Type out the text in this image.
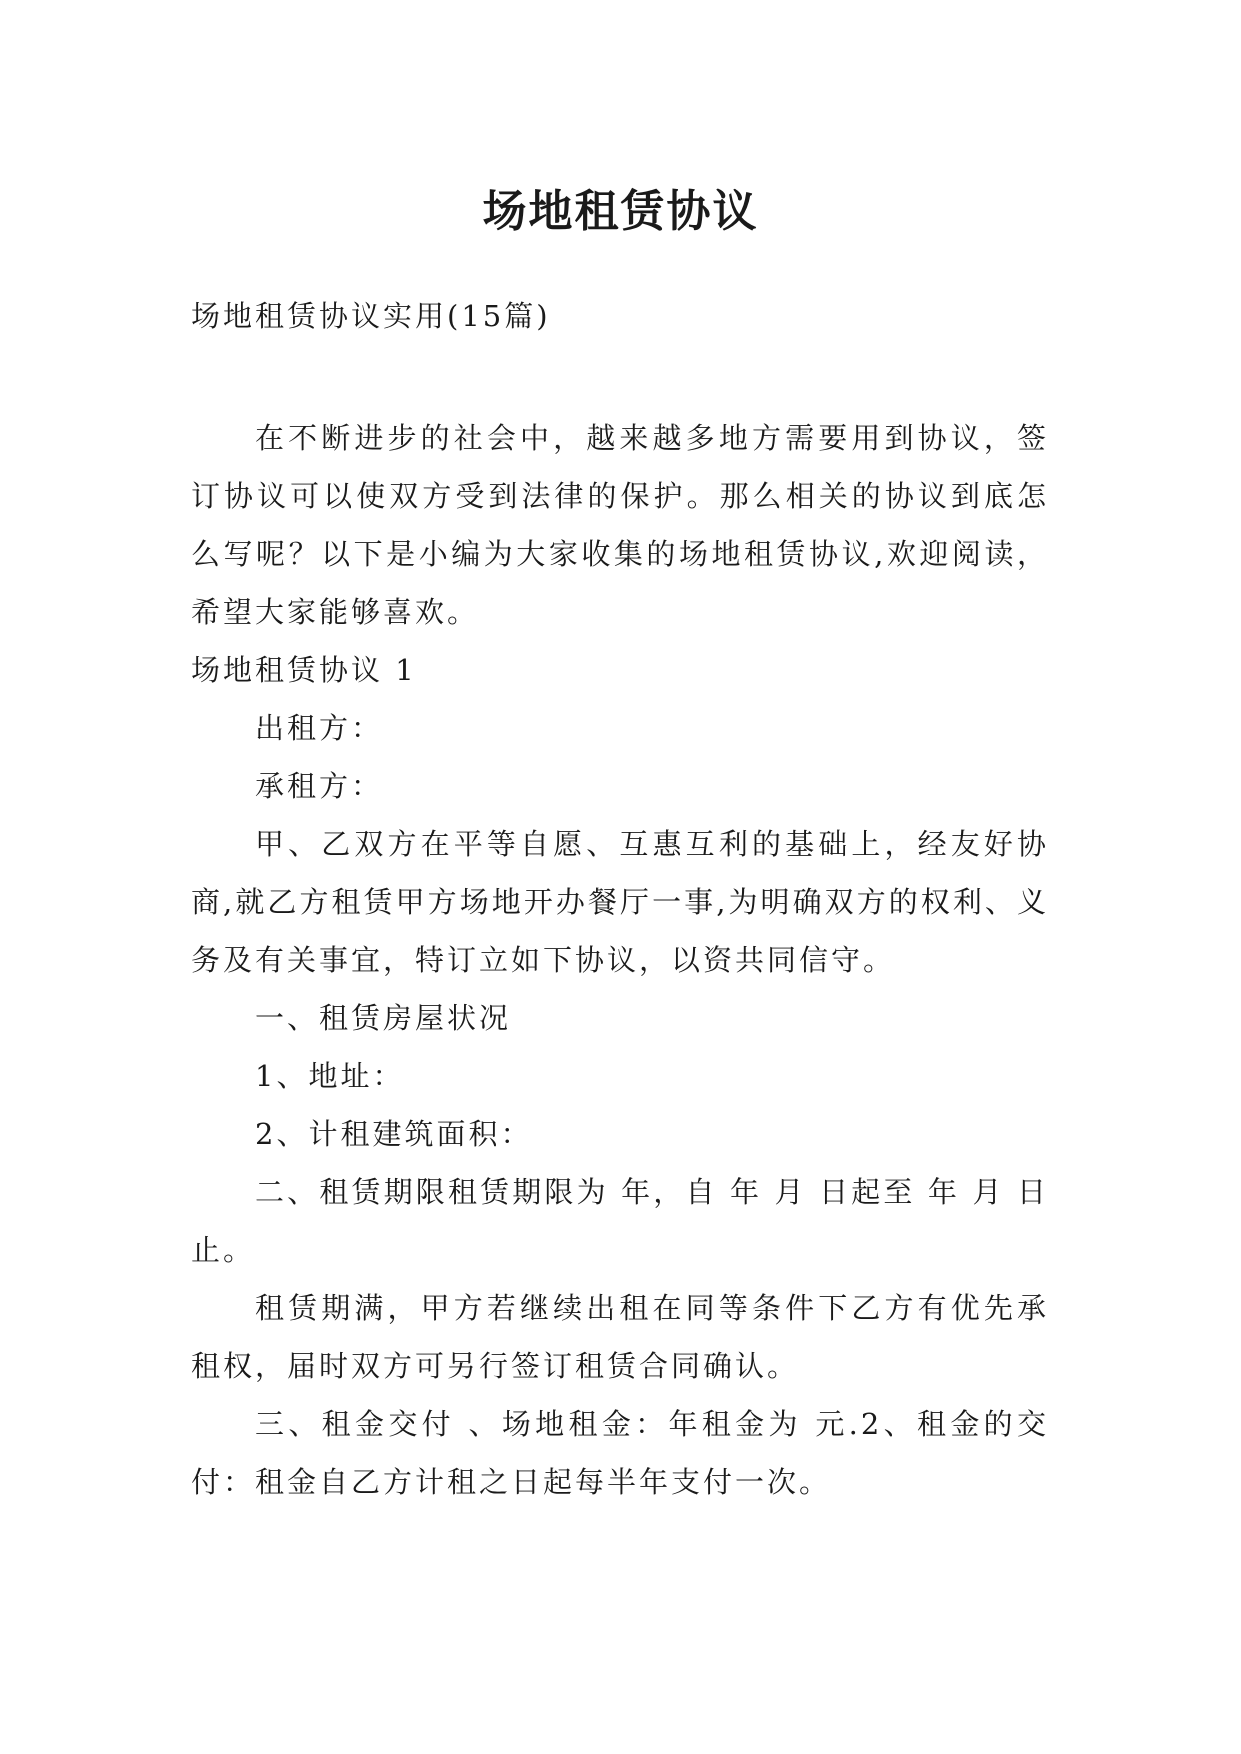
场地租赁协议

场地租赁协议实用(15篇)

在不断进步的社会中，越来越多地方需要用到协议，签订协议可以使双方受到法律的保护。那么相关的协议到底怎么写呢？以下是小编为大家收集的场地租赁协议,欢迎阅读，希望大家能够喜欢。

场地租赁协议 1

出租方：

承租方：

甲、乙双方在平等自愿、互惠互利的基础上，经友好协商,就乙方租赁甲方场地开办餐厅一事,为明确双方的权利、义务及有关事宜，特订立如下协议，以资共同信守。

一、租赁房屋状况

1、地址：

2、计租建筑面积：

二、租赁期限租赁期限为 年，自 年 月 日起至 年 月 日止。

租赁期满，甲方若继续出租在同等条件下乙方有优先承租权，届时双方可另行签订租赁合同确认。

三、租金交付 、场地租金：年租金为 元.2、租金的交付：租金自乙方计租之日起每半年支付一次。
